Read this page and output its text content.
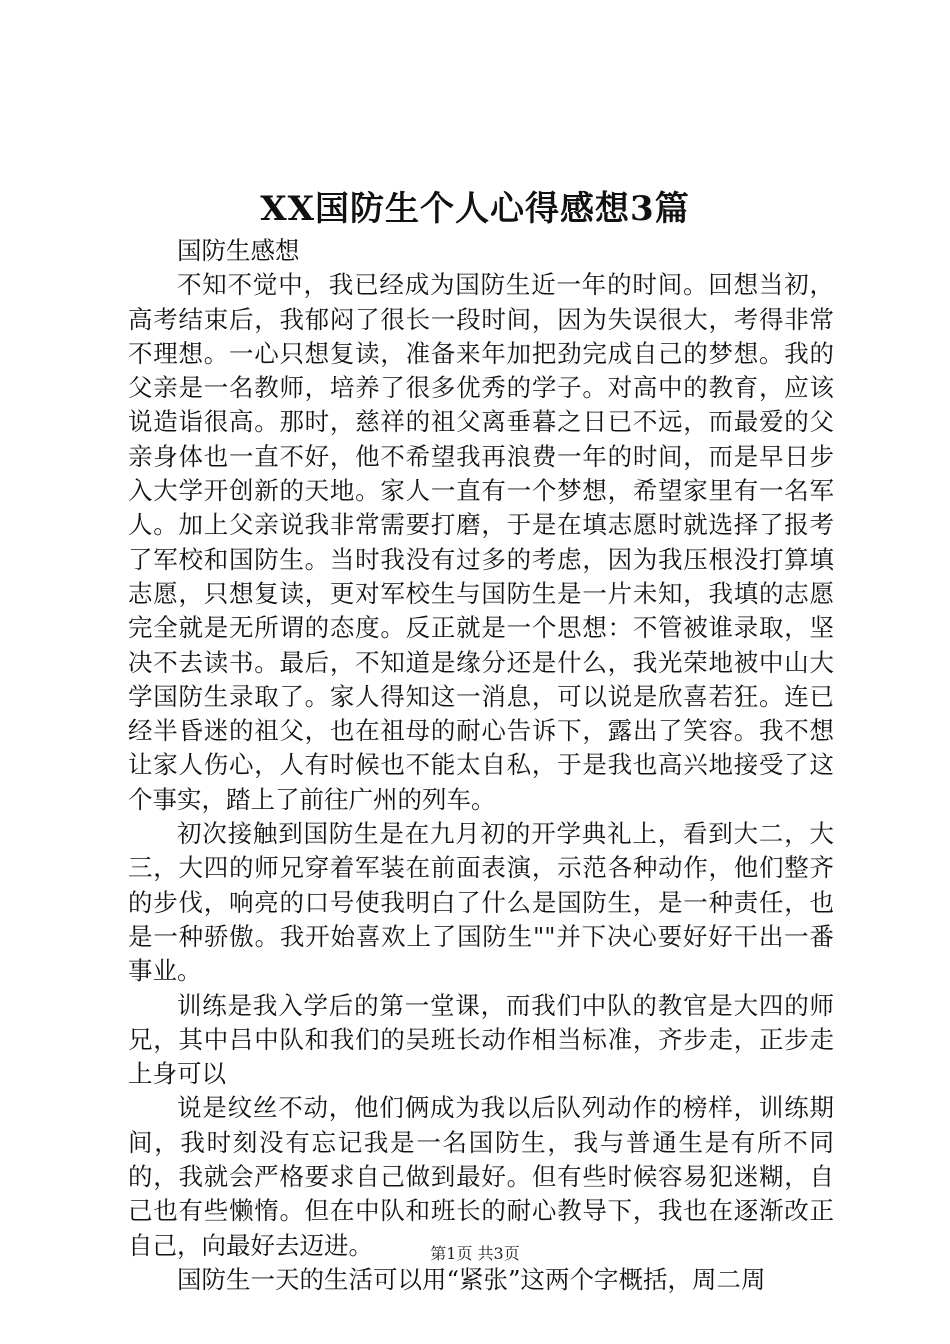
XX国防生个人心得感想3篇

国防生感想

不知不觉中，我已经成为国防生近一年的时间。回想当初，高考结束后，我郁闷了很长一段时间，因为失误很大，考得非常不理想。一心只想复读，准备来年加把劲完成自己的梦想。我的父亲是一名教师，培养了很多优秀的学子。对高中的教育，应该说造诣很高。那时，慈祥的祖父离垂暮之日已不远，而最爱的父亲身体也一直不好，他不希望我再浪费一年的时间，而是早日步入大学开创新的天地。家人一直有一个梦想，希望家里有一名军人。加上父亲说我非常需要打磨，于是在填志愿时就选择了报考了军校和国防生。当时我没有过多的考虑，因为我压根没打算填志愿，只想复读，更对军校生与国防生是一片未知，我填的志愿完全就是无所谓的态度。反正就是一个思想：不管被谁录取，坚决不去读书。最后，不知道是缘分还是什么，我光荣地被中山大学国防生录取了。家人得知这一消息，可以说是欣喜若狂。连已经半昏迷的祖父，也在祖母的耐心告诉下，露出了笑容。我不想让家人伤心，人有时候也不能太自私，于是我也高兴地接受了这个事实，踏上了前往广州的列车。

初次接触到国防生是在九月初的开学典礼上，看到大二，大三，大四的师兄穿着军装在前面表演，示范各种动作，他们整齐的步伐，响亮的口号使我明白了什么是国防生，是一种责任，也是一种骄傲。我开始喜欢上了国防生""并下决心要好好干出一番事业。

训练是我入学后的第一堂课，而我们中队的教官是大四的师兄，其中吕中队和我们的吴班长动作相当标准，齐步走，正步走上身可以

说是纹丝不动，他们俩成为我以后队列动作的榜样，训练期间，我时刻没有忘记我是一名国防生，我与普通生是有所不同的，我就会严格要求自己做到最好。但有些时候容易犯迷糊，自己也有些懒惰。但在中队和班长的耐心教导下，我也在逐渐改正自己，向最好去迈进。

国防生一天的生活可以用“紧张”这两个字概括，周二周

第1页 共3页
